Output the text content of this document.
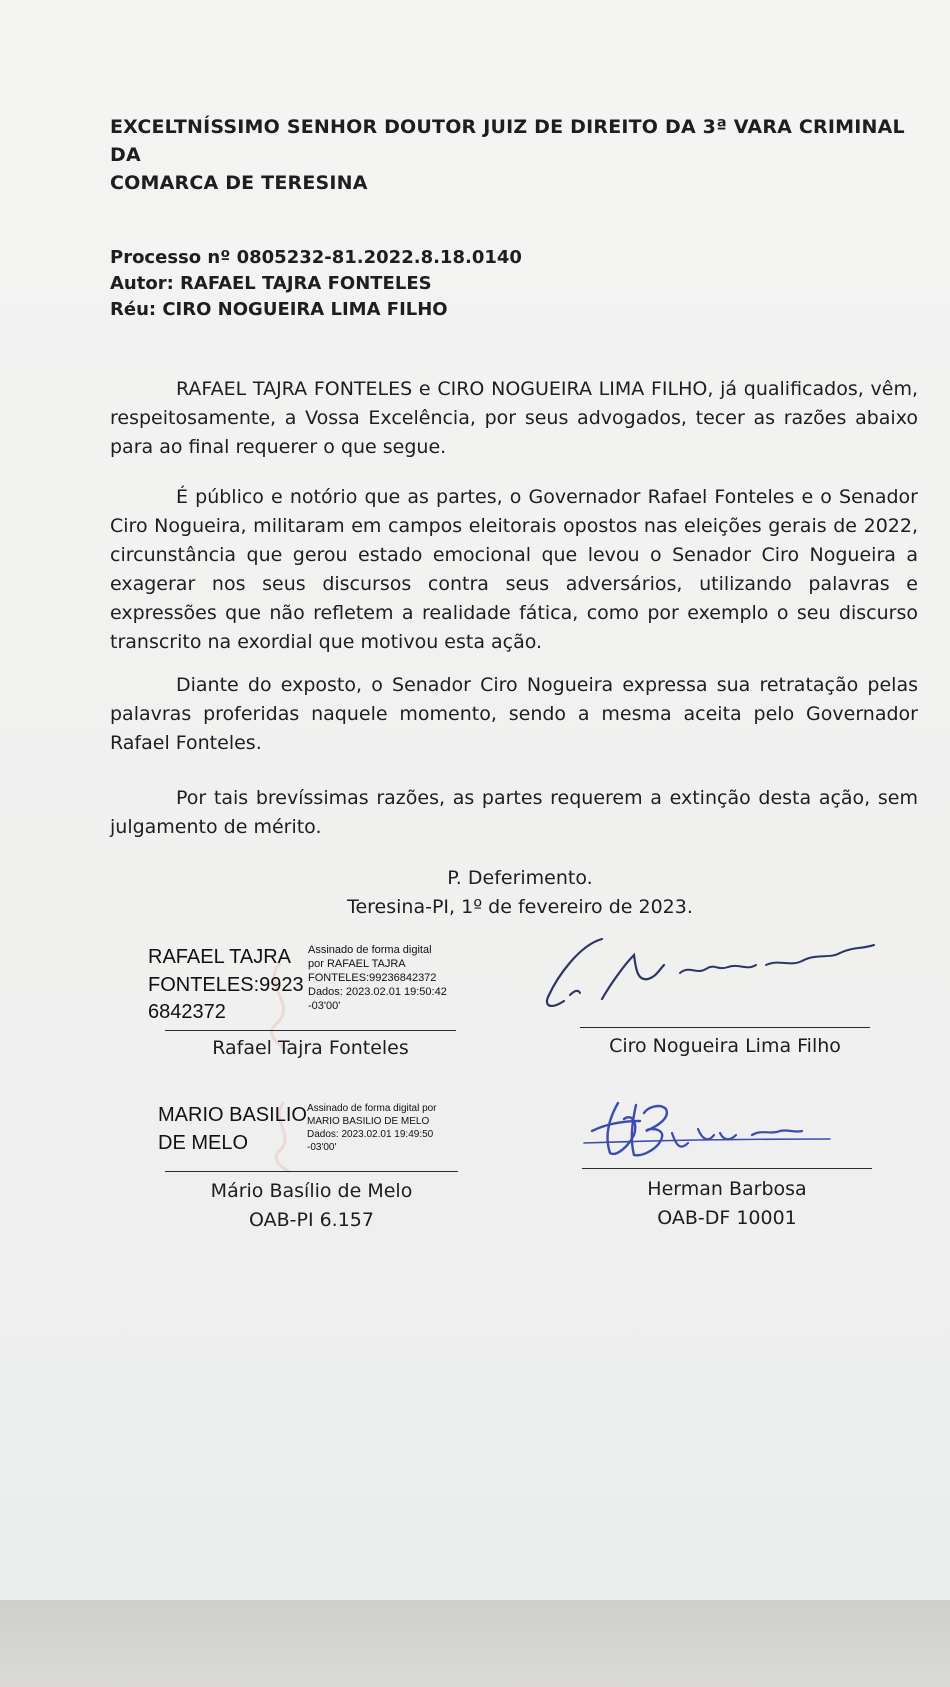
EXCELTNÍSSIMO SENHOR DOUTOR JUIZ DE DIREITO DA 3ª VARA CRIMINAL DA
COMARCA DE TERESINA
Processo nº 0805232-81.2022.8.18.0140
Autor: RAFAEL TAJRA FONTELES
Réu: CIRO NOGUEIRA LIMA FILHO

RAFAEL TAJRA FONTELES e CIRO NOGUEIRA LIMA FILHO, já qualificados, vêm, respeitosamente, a Vossa Excelência, por seus advogados, tecer as razões abaixo para ao final requerer o que segue.

É público e notório que as partes, o Governador Rafael Fonteles e o Senador Ciro Nogueira, militaram em campos eleitorais opostos nas eleições gerais de 2022, circunstância que gerou estado emocional que levou o Senador Ciro Nogueira a exagerar nos seus discursos contra seus adversários, utilizando palavras e expressões que não refletem a realidade fática, como por exemplo o seu discurso transcrito na exordial que motivou esta ação.

Diante do exposto, o Senador Ciro Nogueira expressa sua retratação pelas palavras proferidas naquele momento, sendo a mesma aceita pelo Governador Rafael Fonteles.

Por tais brevíssimas razões, as partes requerem a extinção desta ação, sem julgamento de mérito.

P. Deferimento.
Teresina-PI, 1º de fevereiro de 2023.
RAFAEL TAJRA
FONTELES:9923
6842372
Assinado de forma digital
por RAFAEL TAJRA
FONTELES:99236842372
Dados: 2023.02.01 19:50:42
-03'00'
Rafael Tajra Fonteles	Ciro Nogueira Lima Filho
MARIO BASILIO
DE MELO
Assinado de forma digital por
MARIO BASILIO DE MELO
Dados: 2023.02.01 19:49:50
-03'00'
Mário Basílio de Melo
OAB-PI 6.157
Herman Barbosa
OAB-DF 10001
